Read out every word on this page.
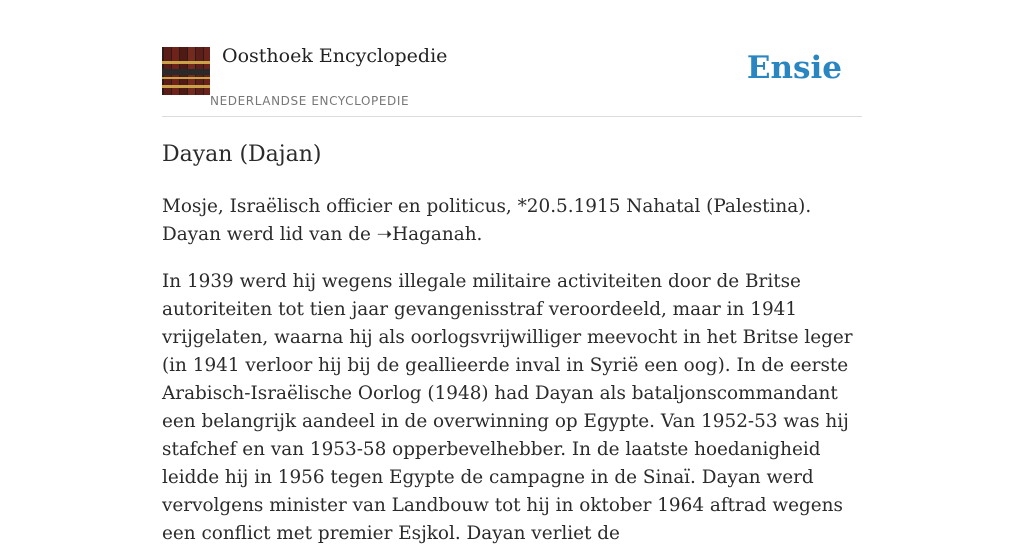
Oosthoek Encyclopedie
NEDERLANDSE ENCYCLOPEDIE
Ensie
Dayan (Dajan)

Mosje, Israëlisch officier en politicus, *20.5.1915 Nahatal (Palestina). Dayan werd lid van de ➝Haganah.

In 1939 werd hij wegens illegale militaire activiteiten door de Britse autoriteiten tot tien jaar gevangenisstraf veroordeeld, maar in 1941 vrijgelaten, waarna hij als oorlogsvrijwilliger meevocht in het Britse leger (in 1941 verloor hij bij de geallieerde inval in Syrië een oog). In de eerste Arabisch-Israëlische Oorlog (1948) had Dayan als bataljonscommandant een belangrijk aandeel in de overwinning op Egypte. Van 1952-53 was hij stafchef en van 1953-58 opperbevelhebber. In de laatste hoedanigheid leidde hij in 1956 tegen Egypte de campagne in de Sinaï. Dayan werd vervolgens minister van Landbouw tot hij in oktober 1964 aftrad wegens een conflict met premier Esjkol. Dayan verliet de
